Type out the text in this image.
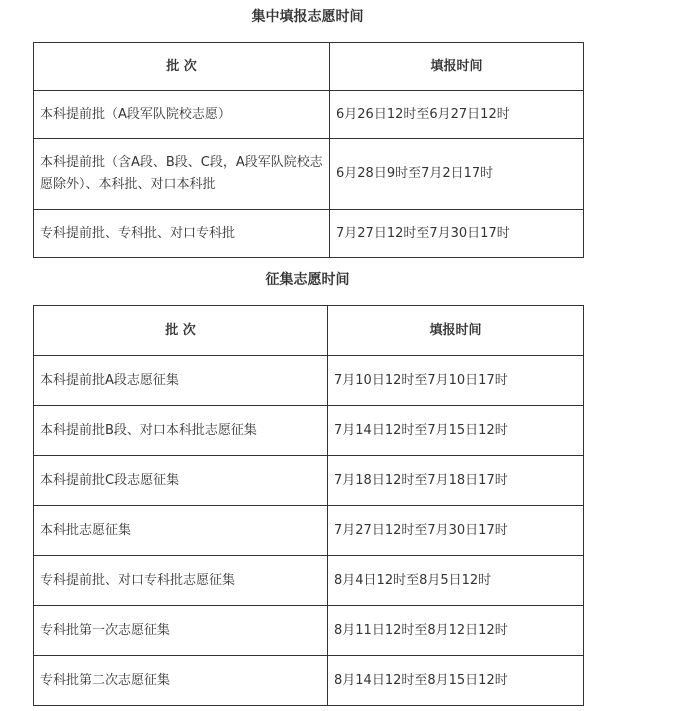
集中填报志愿时间
批 次	填报时间
本科提前批（A段军队院校志愿）	6月26日12时至6月27日12时
本科提前批（含A段、B段、C段，A段军队院校志愿除外）、本科批、对口本科批	6月28日9时至7月2日17时
专科提前批、专科批、对口专科批	7月27日12时至7月30日17时
征集志愿时间
批 次	填报时间
本科提前批A段志愿征集	7月10日12时至7月10日17时
本科提前批B段、对口本科批志愿征集	7月14日12时至7月15日12时
本科提前批C段志愿征集	7月18日12时至7月18日17时
本科批志愿征集	7月27日12时至7月30日17时
专科提前批、对口专科批志愿征集	8月4日12时至8月5日12时
专科批第一次志愿征集	8月11日12时至8月12日12时
专科批第二次志愿征集	8月14日12时至8月15日12时
